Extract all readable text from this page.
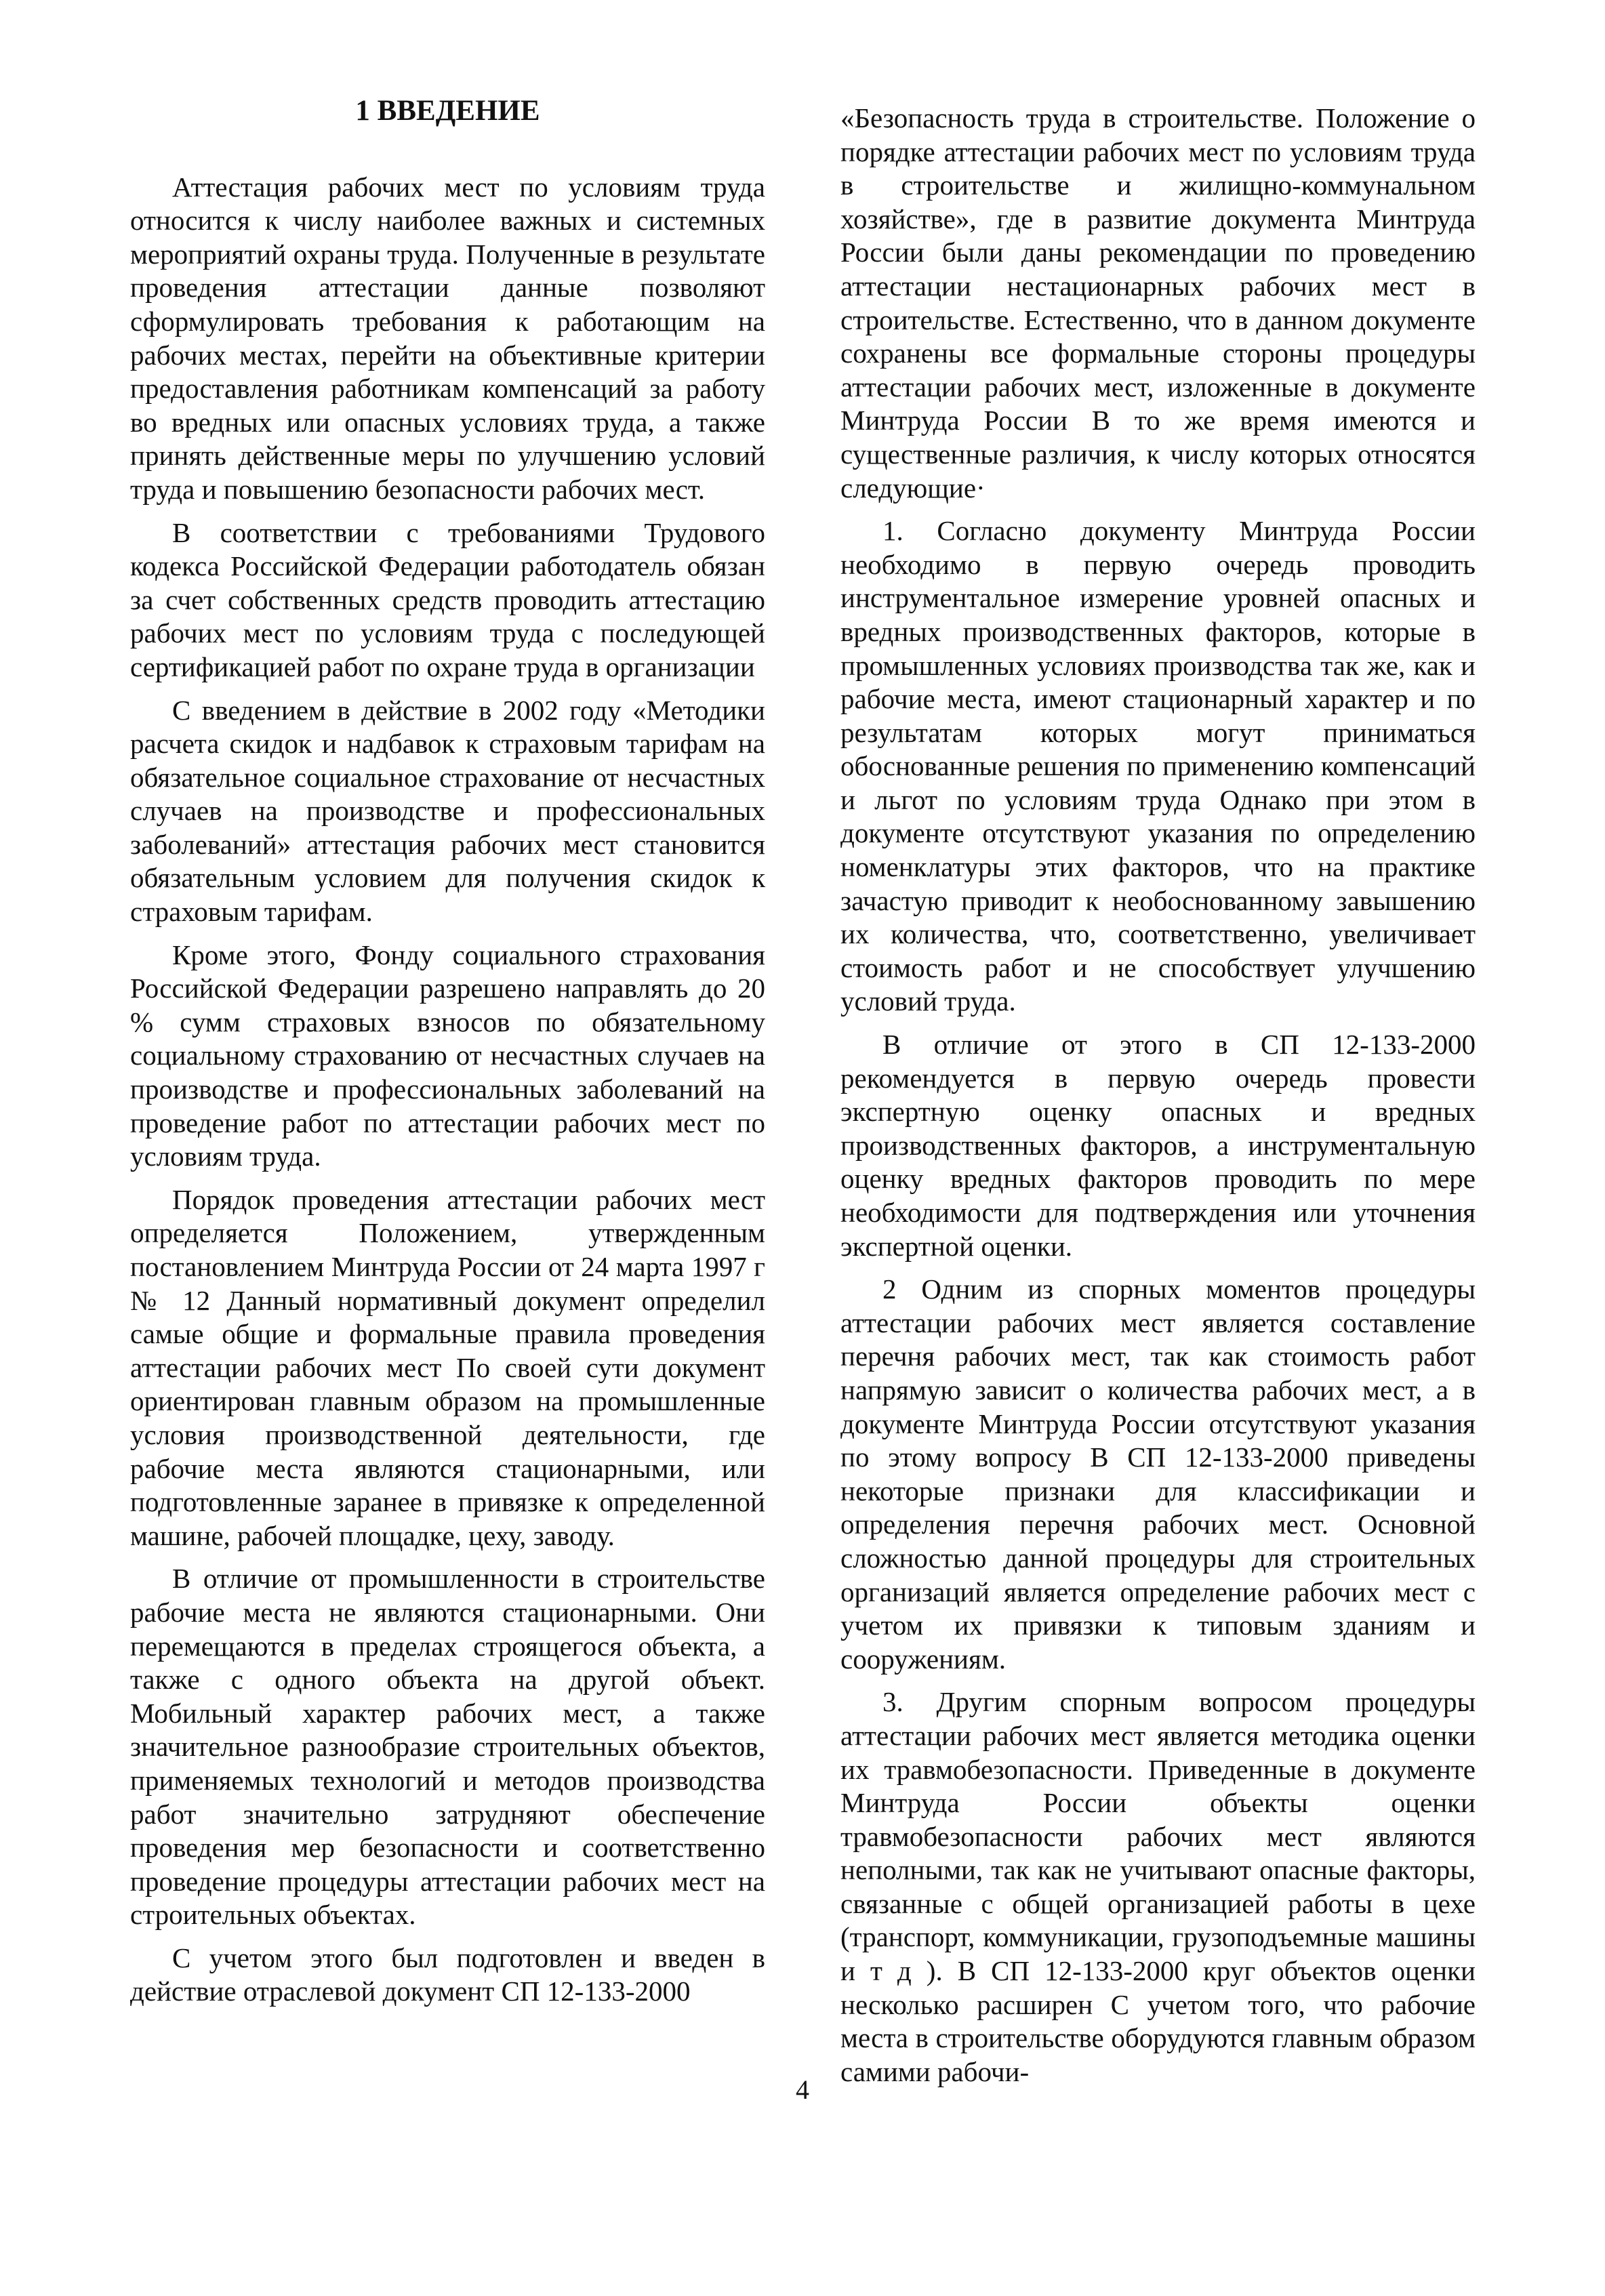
1 ВВЕДЕНИЕ

Аттестация рабочих мест по условиям труда относится к числу наиболее важных и системных мероприятий охраны труда. Полученные в результате проведения аттестации данные позволяют сформулировать требования к работающим на рабочих местах, перейти на объективные критерии предоставления работникам компенсаций за работу во вредных или опасных условиях труда, а также принять действенные меры по улучшению условий труда и повышению безопасности рабочих мест.

В соответствии с требованиями Трудового кодекса Российской Федерации работодатель обязан за счет собственных средств проводить аттестацию рабочих мест по условиям труда с последующей сертификацией работ по охране труда в организации

С введением в действие в 2002 году «Методики расчета скидок и надбавок к страховым тарифам на обязательное социальное страхование от несчастных случаев на производстве и профессиональных заболеваний» аттестация рабочих мест становится обязательным условием для получения скидок к страховым тарифам.

Кроме этого, Фонду социального страхования Российской Федерации разрешено направлять до 20 % сумм страховых взносов по обязательному социальному страхованию от несчастных случаев на производстве и профессиональных заболеваний на проведение работ по аттестации рабочих мест по условиям труда.

Порядок проведения аттестации рабочих мест определяется Положением, утвержденным постановлением Минтруда России от 24 марта 1997 г № 12 Данный нормативный документ определил самые общие и формальные правила проведения аттестации рабочих мест По своей сути документ ориентирован главным образом на промышленные условия производственной деятельности, где рабочие места являются стационарными, или подготовленные заранее в привязке к определенной машине, рабочей площадке, цеху, заводу.

В отличие от промышленности в строительстве рабочие места не являются стационарными. Они перемещаются в пределах строящегося объекта, а также с одного объекта на другой объект. Мобильный характер рабочих мест, а также значительное разнообразие строительных объектов, применяемых технологий и методов производства работ значительно затрудняют обеспечение проведения мер безопасности и соответственно проведение процедуры аттестации рабочих мест на строительных объектах.

С учетом этого был подготовлен и введен в действие отраслевой документ СП 12-133-2000

«Безопасность труда в строительстве. Положение о порядке аттестации рабочих мест по условиям труда в строительстве и жилищно-коммунальном хозяйстве», где в развитие документа Минтруда России были даны рекомендации по проведению аттестации нестационарных рабочих мест в строительстве. Естественно, что в данном документе сохранены все формальные стороны процедуры аттестации рабочих мест, изложенные в документе Минтруда России В то же время имеются и существенные различия, к числу которых относятся следующие·

1. Согласно документу Минтруда России необходимо в первую очередь проводить инструментальное измерение уровней опасных и вредных производственных факторов, которые в промышленных условиях производства так же, как и рабочие места, имеют стационарный характер и по результатам которых могут приниматься обоснованные решения по применению компенсаций и льгот по условиям труда Однако при этом в документе отсутствуют указания по определению номенклатуры этих факторов, что на практике зачастую приводит к необоснованному завышению их количества, что, соответственно, увеличивает стоимость работ и не способствует улучшению условий труда.

В отличие от этого в СП 12-133-2000 рекомендуется в первую очередь провести экспертную оценку опасных и вредных производственных факторов, а инструментальную оценку вредных факторов проводить по мере необходимости для подтверждения или уточнения экспертной оценки.

2 Одним из спорных моментов процедуры аттестации рабочих мест является составление перечня рабочих мест, так как стоимость работ напрямую зависит о количества рабочих мест, а в документе Минтруда России отсутствуют указания по этому вопросу В СП 12-133-2000 приведены некоторые признаки для классификации и определения перечня рабочих мест. Основной сложностью данной процедуры для строительных организаций является определение рабочих мест с учетом их привязки к типовым зданиям и сооружениям.

3. Другим спорным вопросом процедуры аттестации рабочих мест является методика оценки их травмобезопасности. Приведенные в документе Минтруда России объекты оценки травмобезопасности рабочих мест являются неполными, так как не учитывают опасные факторы, связанные с общей организацией работы в цехе (транспорт, коммуникации, грузоподъемные машины и т д ). В СП 12-133-2000 круг объектов оценки несколько расширен С учетом того, что рабочие места в строительстве оборудуются главным образом самими рабочи-

4
